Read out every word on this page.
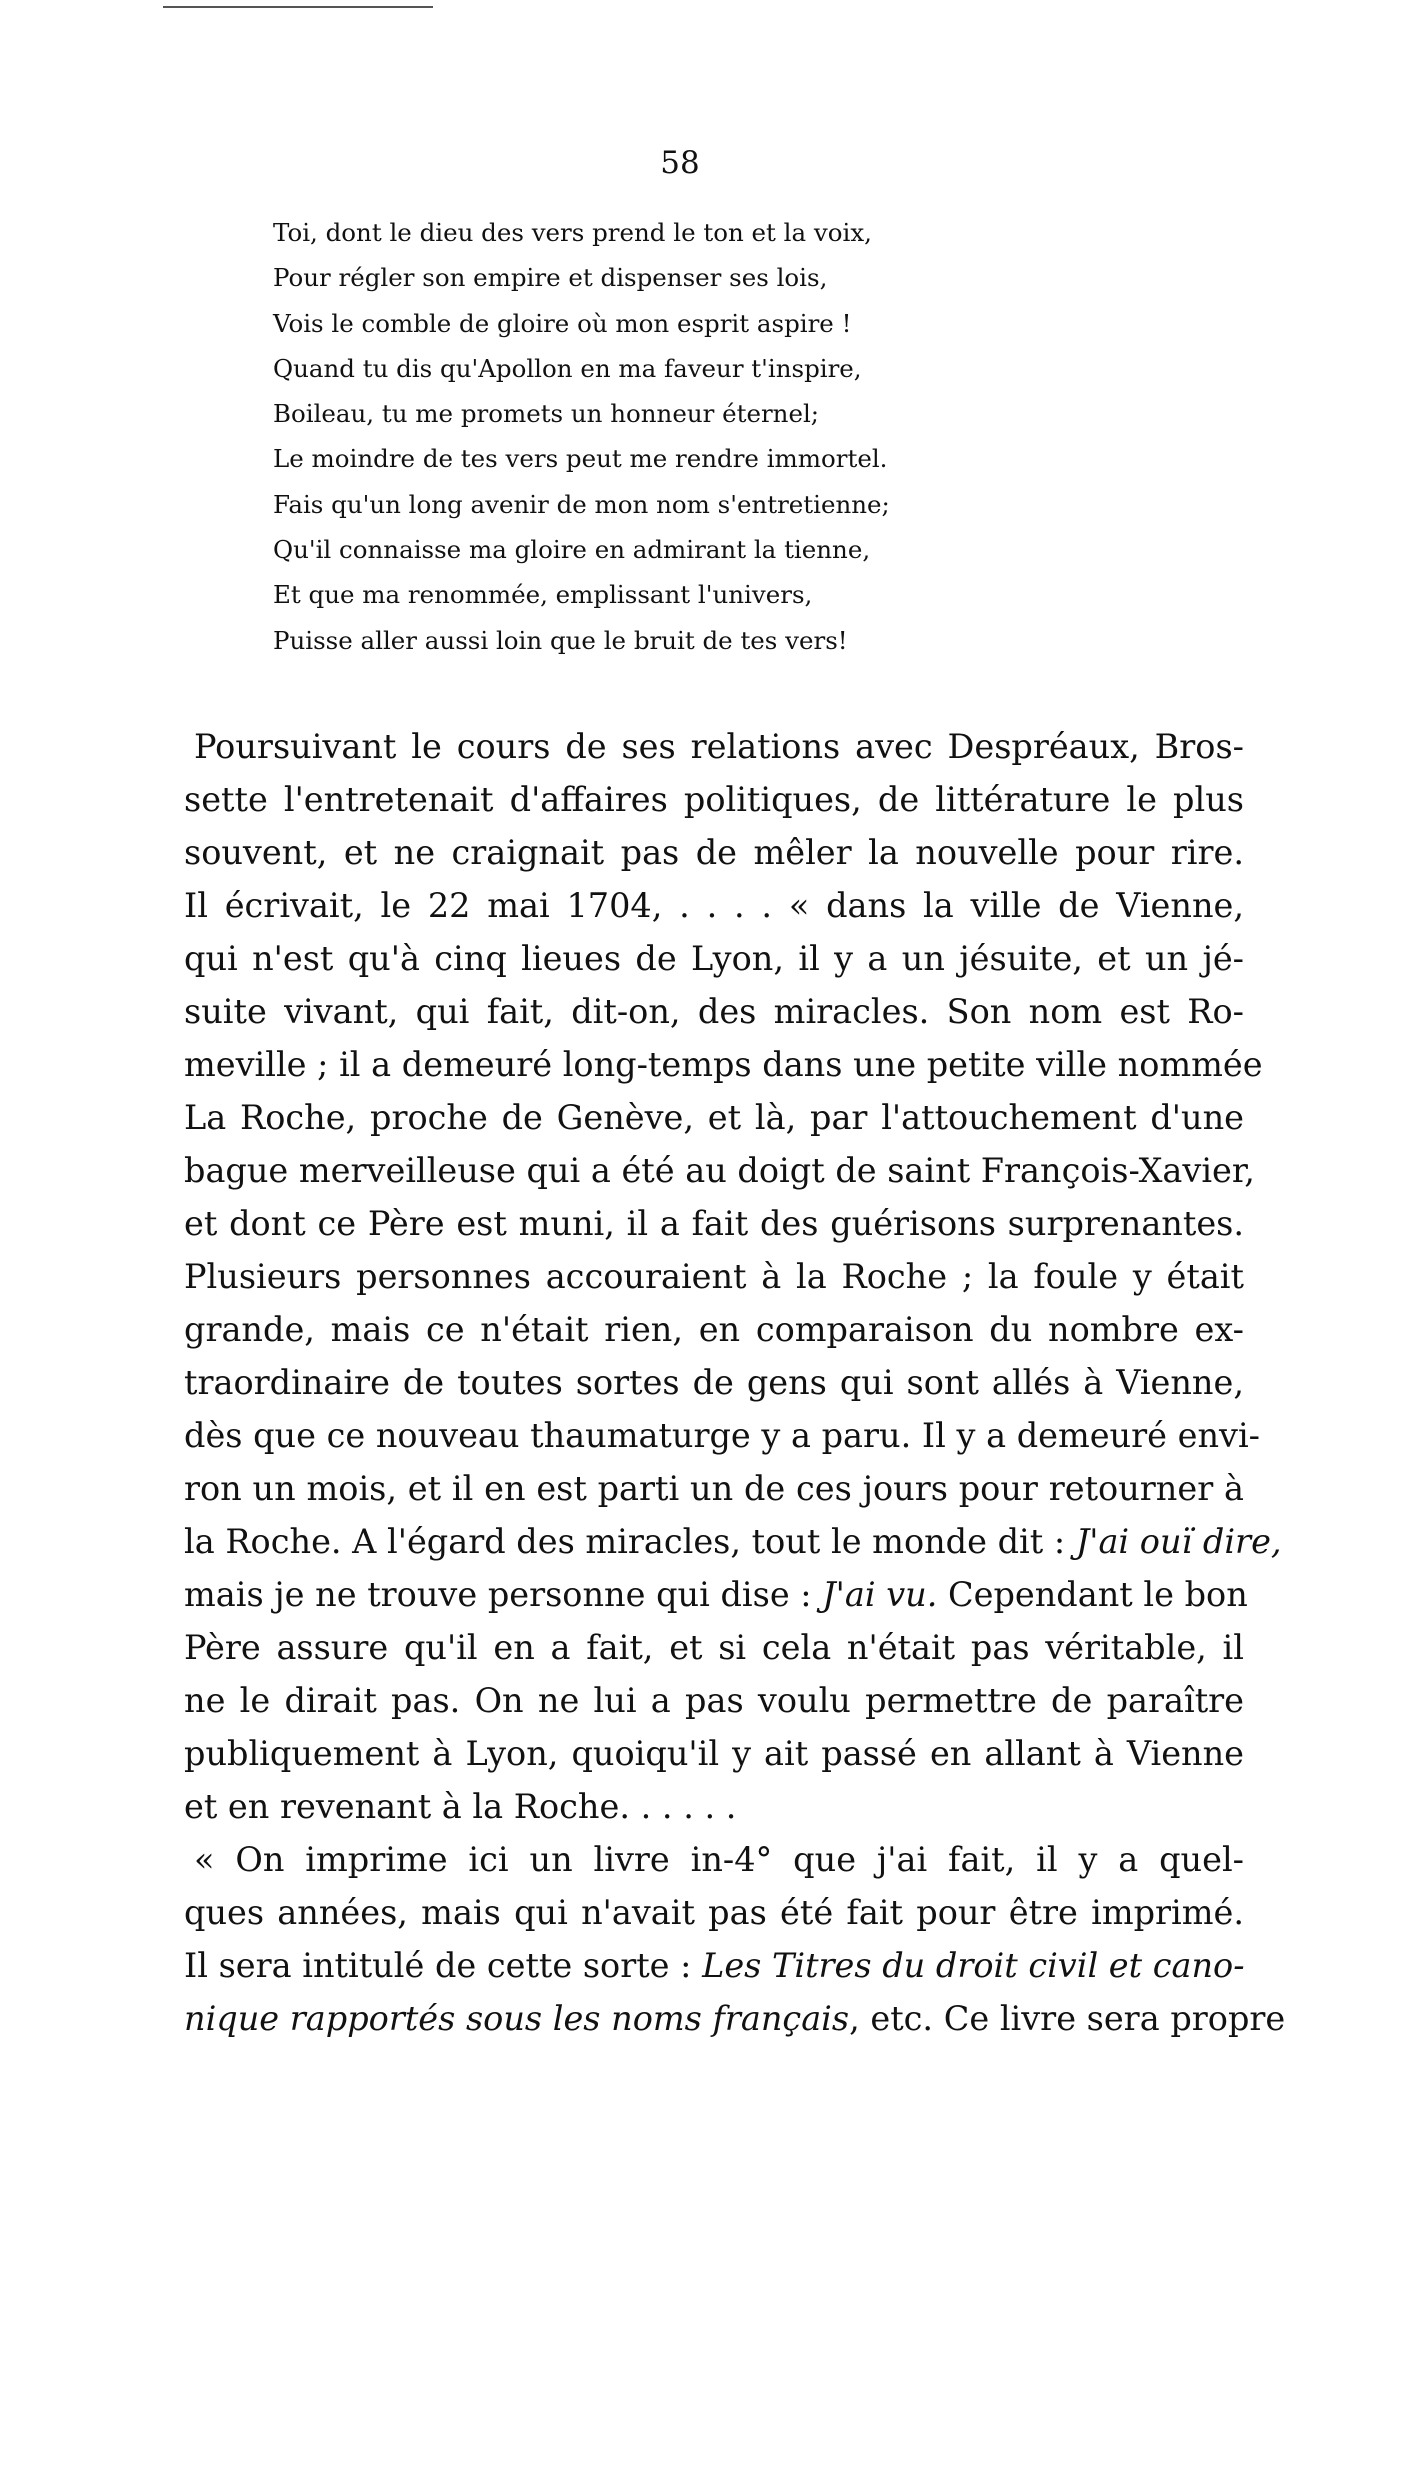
58
Toi, dont le dieu des vers prend le ton et la voix,
Pour régler son empire et dispenser ses lois,
Vois le comble de gloire où mon esprit aspire !
Quand tu dis qu'Apollon en ma faveur t'inspire,
Boileau, tu me promets un honneur éternel;
Le moindre de tes vers peut me rendre immortel.
Fais qu'un long avenir de mon nom s'entretienne;
Qu'il connaisse ma gloire en admirant la tienne,
Et que ma renommée, emplissant l'univers,
Puisse aller aussi loin que le bruit de tes vers!
Poursuivant le cours de ses relations avec Despréaux, Bros-
sette l'entretenait d'affaires politiques, de littérature le plus
souvent, et ne craignait pas de mêler la nouvelle pour rire.
Il écrivait, le 22 mai 1704, . . . . « dans la ville de Vienne,
qui n'est qu'à cinq lieues de Lyon, il y a un jésuite, et un jé-
suite vivant, qui fait, dit-on, des miracles. Son nom est Ro-
meville ; il a demeuré long-temps dans une petite ville nommée
La Roche, proche de Genève, et là, par l'attouchement d'une
bague merveilleuse qui a été au doigt de saint François-Xavier,
et dont ce Père est muni, il a fait des guérisons surprenantes.
Plusieurs personnes accouraient à la Roche ; la foule y était
grande, mais ce n'était rien, en comparaison du nombre ex-
traordinaire de toutes sortes de gens qui sont allés à Vienne,
dès que ce nouveau thaumaturge y a paru. Il y a demeuré envi-
ron un mois, et il en est parti un de ces jours pour retourner à
la Roche. A l'égard des miracles, tout le monde dit : J'ai ouï dire,
mais je ne trouve personne qui dise : J'ai vu. Cependant le bon
Père assure qu'il en a fait, et si cela n'était pas véritable, il
ne le dirait pas. On ne lui a pas voulu permettre de paraître
publiquement à Lyon, quoiqu'il y ait passé en allant à Vienne
et en revenant à la Roche. . . . . .
« On imprime ici un livre in-4° que j'ai fait, il y a quel-
ques années, mais qui n'avait pas été fait pour être imprimé.
Il sera intitulé de cette sorte : Les Titres du droit civil et cano-
nique rapportés sous les noms français, etc. Ce livre sera propre
